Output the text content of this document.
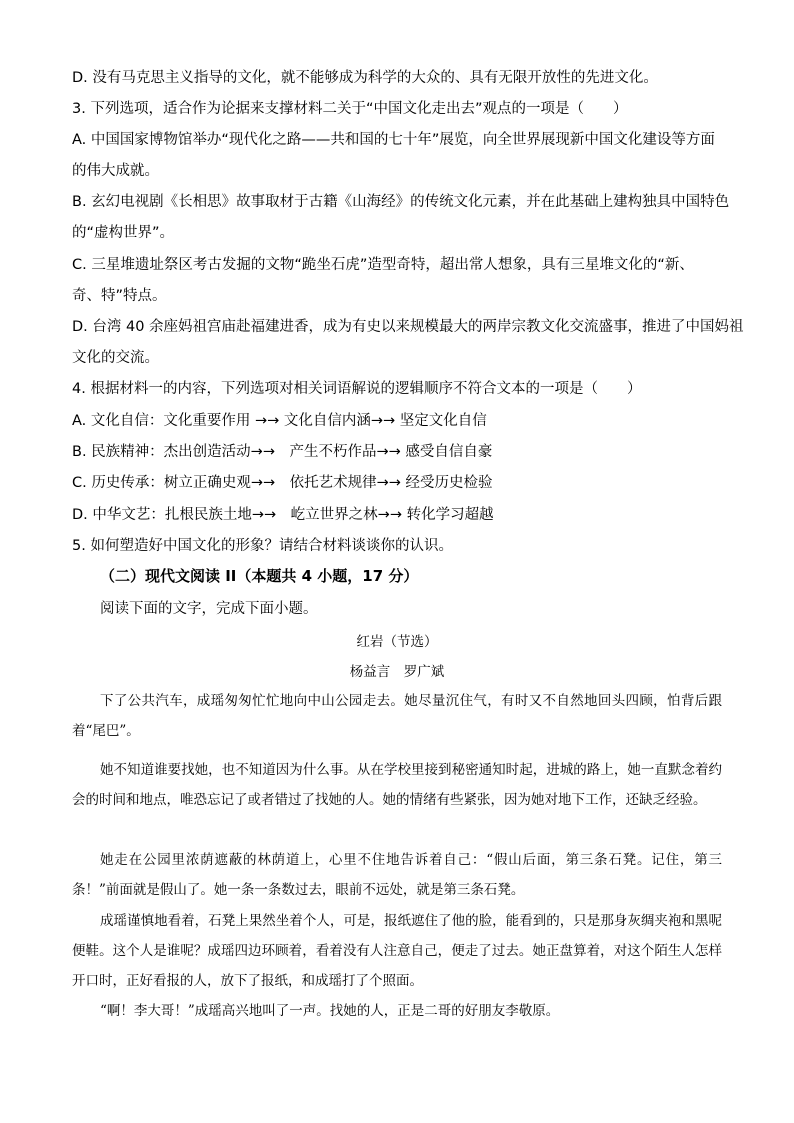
D. 没有马克思主义指导的文化，就不能够成为科学的大众的、具有无限开放性的先进文化。
3. 下列选项，适合作为论据来支撑材料二关于“中国文化走出去”观点的一项是（　　）
A. 中国国家博物馆举办“现代化之路——共和国的七十年”展览，向全世界展现新中国文化建设等方面
的伟大成就。
B. 玄幻电视剧《长相思》故事取材于古籍《山海经》的传统文化元素，并在此基础上建构独具中国特色
的“虚构世界”。
C. 三星堆遗址祭区考古发掘的文物“跪坐石虎”造型奇特，超出常人想象，具有三星堆文化的“新、
奇、特”特点。
D. 台湾 40 余座妈祖宫庙赴福建进香，成为有史以来规模最大的两岸宗教文化交流盛事，推进了中国妈祖
文化的交流。
4. 根据材料一的内容，下列选项对相关词语解说的逻辑顺序不符合文本的一项是（　　）
A. 文化自信：文化重要作用 →→ 文化自信内涵→→ 坚定文化自信
B. 民族精神：杰出创造活动→→　产生不朽作品→→ 感受自信自豪
C. 历史传承：树立正确史观→→　依托艺术规律→→ 经受历史检验
D. 中华文艺：扎根民族土地→→　屹立世界之林→→ 转化学习超越
5. 如何塑造好中国文化的形象？请结合材料谈谈你的认识。
（二）现代文阅读 II（本题共 4 小题，17 分）
阅读下面的文字，完成下面小题。
红岩（节选）
杨益言　罗广斌
下了公共汽车，成瑶匆匆忙忙地向中山公园走去。她尽量沉住气，有时又不自然地回头四顾，怕背后跟着“尾巴”。
她不知道谁要找她，也不知道因为什么事。从在学校里接到秘密通知时起，进城的路上，她一直默念着约会的时间和地点，唯恐忘记了或者错过了找她的人。她的情绪有些紧张，因为她对地下工作，还缺乏经验。
她走在公园里浓荫遮蔽的林荫道上，心里不住地告诉着自己：“假山后面，第三条石凳。记住，第三条！”前面就是假山了。她一条一条数过去，眼前不远处，就是第三条石凳。
成瑶谨慎地看着，石凳上果然坐着个人，可是，报纸遮住了他的脸，能看到的，只是那身灰绸夹袍和黑呢便鞋。这个人是谁呢？成瑶四边环顾着，看着没有人注意自己，便走了过去。她正盘算着，对这个陌生人怎样开口时，正好看报的人，放下了报纸，和成瑶打了个照面。
“啊！李大哥！”成瑶高兴地叫了一声。找她的人，正是二哥的好朋友李敬原。
